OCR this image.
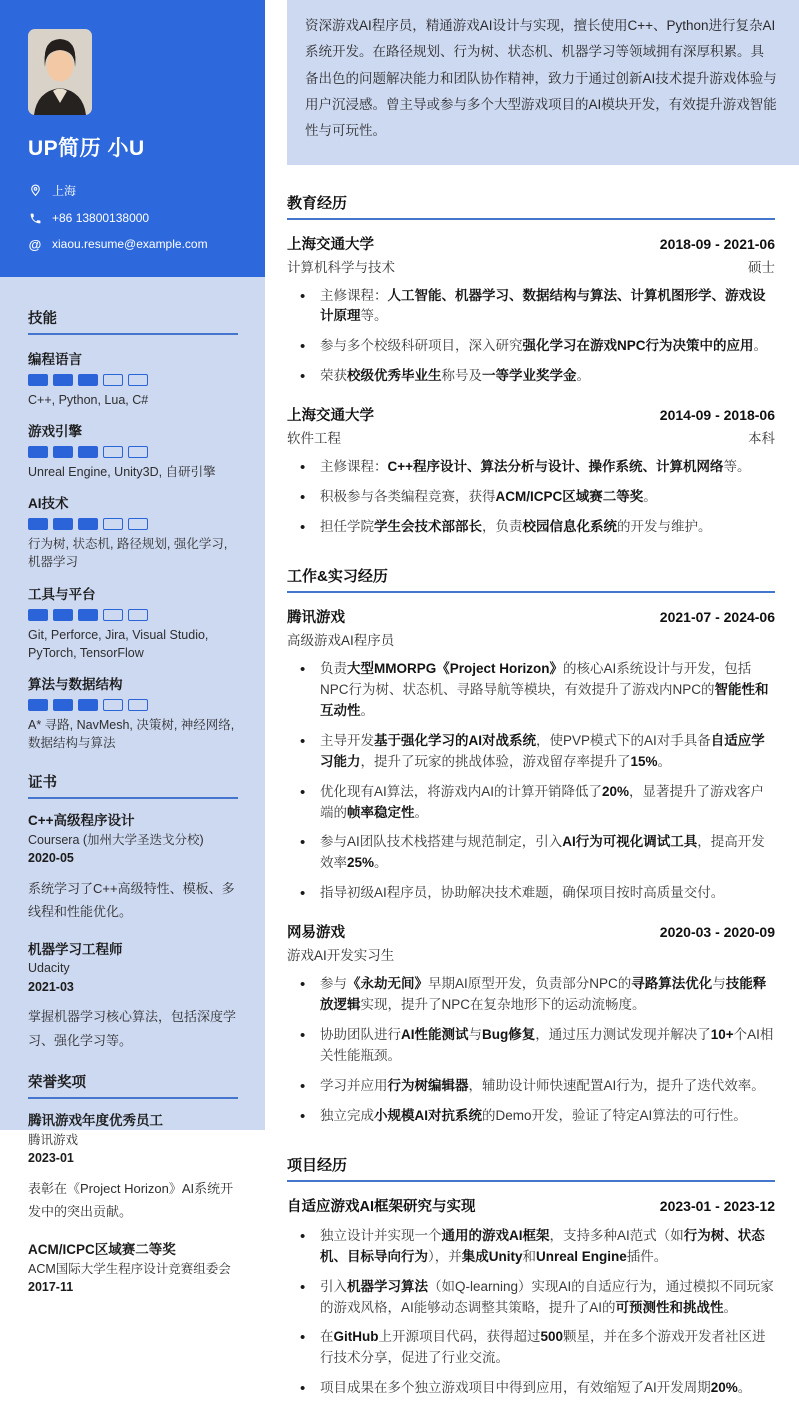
UP简历 小U
上海
+86 13800138000
@ xiaou.resume@example.com
技能
编程语言
C++, Python, Lua, C#
游戏引擎
Unreal Engine, Unity3D, 自研引擎
AI技术
行为树, 状态机, 路径规划, 强化学习, 机器学习
工具与平台
Git, Perforce, Jira, Visual Studio, PyTorch, TensorFlow
算法与数据结构
A* 寻路, NavMesh, 决策树, 神经网络, 数据结构与算法
证书
C++高级程序设计
Coursera (加州大学圣迭戈分校)
2020-05
系统学习了C++高级特性、模板、多线程和性能优化。
机器学习工程师
Udacity
2021-03
掌握机器学习核心算法，包括深度学习、强化学习等。
荣誉奖项
腾讯游戏年度优秀员工
腾讯游戏
2023-01
表彰在《Project Horizon》AI系统开发中的突出贡献。
ACM/ICPC区域赛二等奖
ACM国际大学生程序设计竞赛组委会
2017-11
资深游戏AI程序员，精通游戏AI设计与实现，擅长使用C++、Python进行复杂AI系统开发。在路径规划、行为树、状态机、机器学习等领域拥有深厚积累。具备出色的问题解决能力和团队协作精神，致力于通过创新AI技术提升游戏体验与用户沉浸感。曾主导或参与多个大型游戏项目的AI模块开发，有效提升游戏智能性与可玩性。
教育经历
上海交通大学	2018-09 - 2021-06
计算机科学与技术	硕士
• 主修课程：人工智能、机器学习、数据结构与算法、计算机图形学、游戏设计原理等。
• 参与多个校级科研项目，深入研究强化学习在游戏NPC行为决策中的应用。
• 荣获校级优秀毕业生称号及一等学业奖学金。
上海交通大学	2014-09 - 2018-06
软件工程	本科
• 主修课程：C++程序设计、算法分析与设计、操作系统、计算机网络等。
• 积极参与各类编程竞赛，获得ACM/ICPC区域赛二等奖。
• 担任学院学生会技术部部长，负责校园信息化系统的开发与维护。
工作&实习经历
腾讯游戏	2021-07 - 2024-06
高级游戏AI程序员
• 负责大型MMORPG《Project Horizon》的核心AI系统设计与开发，包括NPC行为树、状态机、寻路导航等模块，有效提升了游戏内NPC的智能性和互动性。
• 主导开发基于强化学习的AI对战系统，使PVP模式下的AI对手具备自适应学习能力，提升了玩家的挑战体验，游戏留存率提升了15%。
• 优化现有AI算法，将游戏内AI的计算开销降低了20%，显著提升了游戏客户端的帧率稳定性。
• 参与AI团队技术栈搭建与规范制定，引入AI行为可视化调试工具，提高开发效率25%。
• 指导初级AI程序员，协助解决技术难题，确保项目按时高质量交付。
网易游戏	2020-03 - 2020-09
游戏AI开发实习生
• 参与《永劫无间》早期AI原型开发，负责部分NPC的寻路算法优化与技能释放逻辑实现，提升了NPC在复杂地形下的运动流畅度。
• 协助团队进行AI性能测试与Bug修复，通过压力测试发现并解决了10+个AI相关性能瓶颈。
• 学习并应用行为树编辑器，辅助设计师快速配置AI行为，提升了迭代效率。
• 独立完成小规模AI对抗系统的Demo开发，验证了特定AI算法的可行性。
项目经历
自适应游戏AI框架研究与实现	2023-01 - 2023-12
• 独立设计并实现一个通用的游戏AI框架，支持多种AI范式（如行为树、状态机、目标导向行为），并集成Unity和Unreal Engine插件。
• 引入机器学习算法（如Q-learning）实现AI的自适应行为，通过模拟不同玩家的游戏风格，AI能够动态调整其策略，提升了AI的可预测性和挑战性。
• 在GitHub上开源项目代码，获得超过500颗星，并在多个游戏开发者社区进行技术分享，促进了行业交流。
• 项目成果在多个独立游戏项目中得到应用，有效缩短了AI开发周期20%。
